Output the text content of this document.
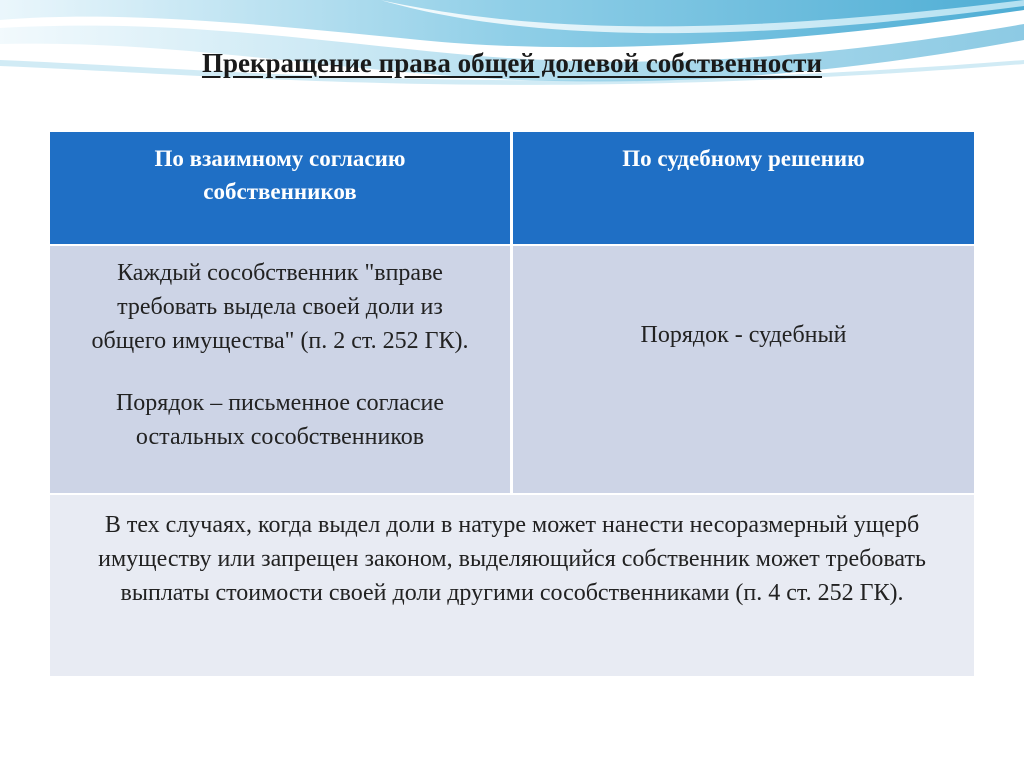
Прекращение права общей долевой собственности
По взаимному согласию собственников
По судебному решению

Каждый сособственник "вправе требовать выдела своей доли из общего имущества" (п. 2 ст. 252 ГК).

Порядок – письменное согласие остальных сособственников

Порядок - судебный

В тех случаях, когда выдел доли в натуре может нанести несоразмерный ущерб имуществу или запрещен законом, выделяющийся собственник может требовать выплаты стоимости своей доли другими сособственниками (п. 4 ст. 252 ГК).
